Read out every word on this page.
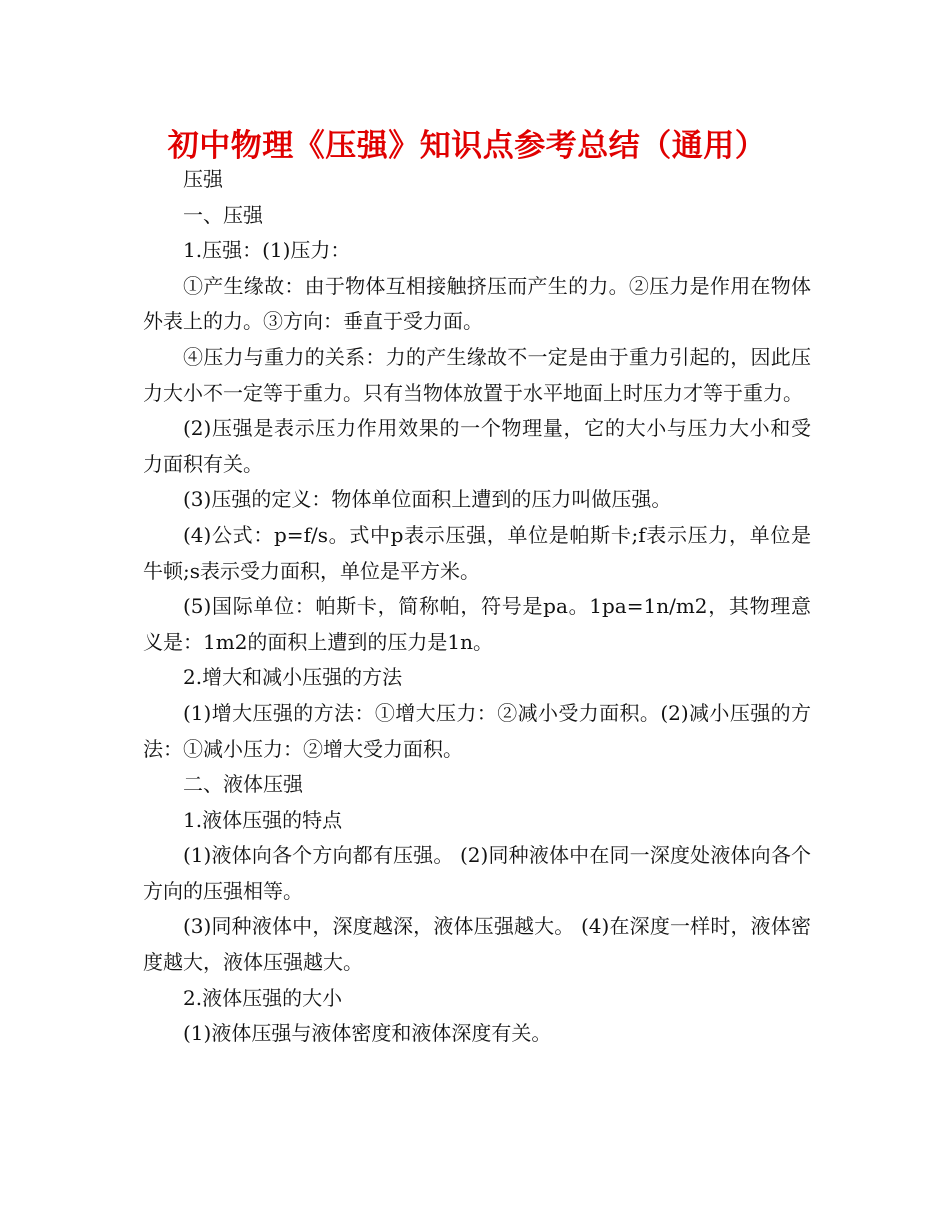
初中物理《压强》知识点参考总结（通用）

压强

一、压强

1.压强：(1)压力：

①产生缘故：由于物体互相接触挤压而产生的力。②压力是作用在物体外表上的力。③方向：垂直于受力面。

④压力与重力的关系：力的产生缘故不一定是由于重力引起的，因此压力大小不一定等于重力。只有当物体放置于水平地面上时压力才等于重力。

(2)压强是表示压力作用效果的一个物理量，它的大小与压力大小和受力面积有关。

(3)压强的定义：物体单位面积上遭到的压力叫做压强。

(4)公式：p=f/s。式中p表示压强，单位是帕斯卡;f表示压力，单位是牛顿;s表示受力面积，单位是平方米。

(5)国际单位：帕斯卡，简称帕，符号是pa。1pa=1n/m2，其物理意义是：1m2的面积上遭到的压力是1n。

2.增大和减小压强的方法

(1)增大压强的方法：①增大压力：②减小受力面积。(2)减小压强的方法：①减小压力：②增大受力面积。

二、液体压强

1.液体压强的特点

(1)液体向各个方向都有压强。 (2)同种液体中在同一深度处液体向各个方向的压强相等。

(3)同种液体中，深度越深，液体压强越大。 (4)在深度一样时，液体密度越大，液体压强越大。

2.液体压强的大小

(1)液体压强与液体密度和液体深度有关。
